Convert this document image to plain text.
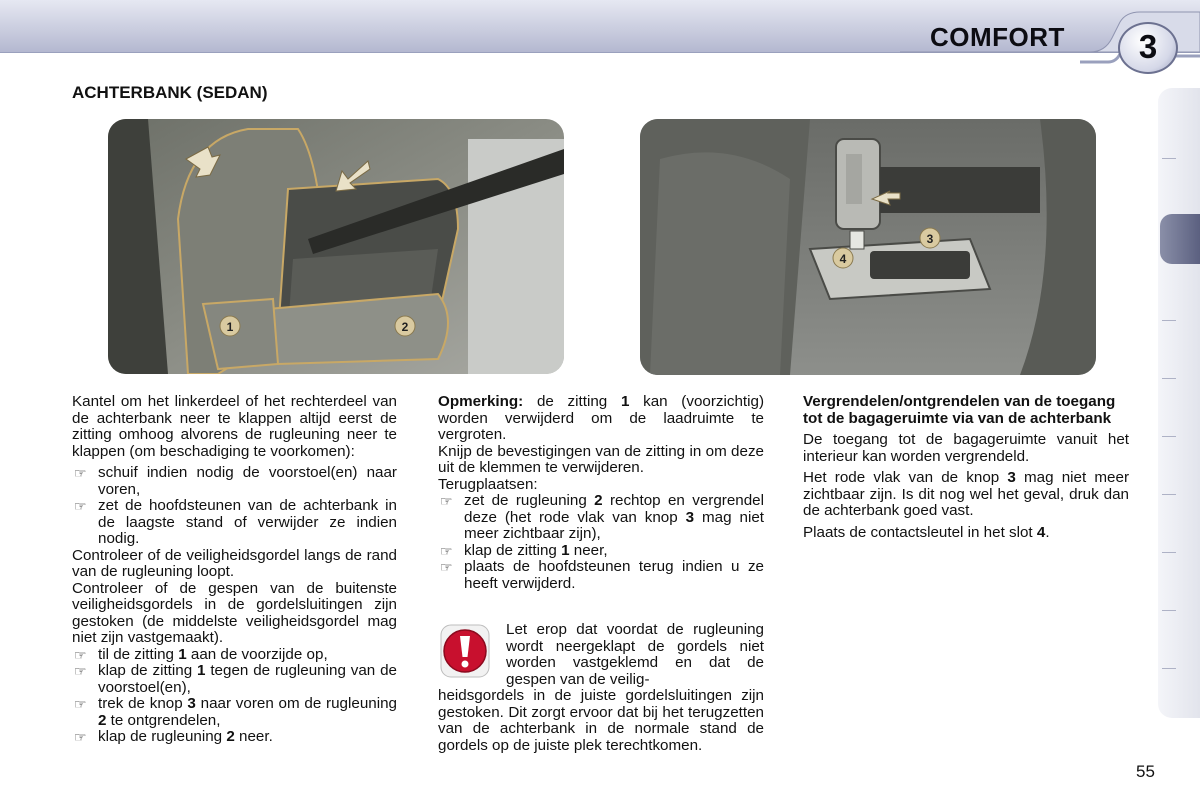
COMFORT	3
ACHTERBANK (SEDAN)
1	2
3
4

Kantel om het linkerdeel of het rechterdeel van de achterbank neer te klappen altijd eerst de zitting omhoog alvorens de rugleuning neer te klappen (om beschadiging te voorkomen):

☞ schuif indien nodig de voorstoel(en) naar voren,
☞ zet de hoofdsteunen van de achterbank in de laagste stand of verwijder ze indien nodig.

Controleer of de veiligheidsgordel langs de rand van de rugleuning loopt.

Controleer of de gespen van de buitenste veiligheidsgordels in de gordelsluitingen zijn gestoken (de middelste veiligheidsgordel mag niet zijn vastgemaakt).

☞ til de zitting 1 aan de voorzijde op,
☞ klap de zitting 1 tegen de rugleuning van de voorstoel(en),
☞ trek de knop 3 naar voren om de rugleuning 2 te ontgrendelen,
☞ klap de rugleuning 2 neer.

Opmerking: de zitting 1 kan (voorzichtig) worden verwijderd om de laadruimte te vergroten.

Knijp de bevestigingen van de zitting in om deze uit de klemmen te verwijderen.

Terugplaatsen:

☞ zet de rugleuning 2 rechtop en vergrendel deze (het rode vlak van knop 3 mag niet meer zichtbaar zijn),
☞ klap de zitting 1 neer,
☞ plaats de hoofdsteunen terug indien u ze heeft verwijderd.
Let erop dat voordat de rugleuning wordt neergeklapt de gordels niet worden vastgeklemd en dat de gespen van de veilig-
heidsgordels in de juiste gordelsluitingen zijn gestoken. Dit zorgt ervoor dat bij het terugzetten van de achterbank in de normale stand de gordels op de juiste plek terechtkomen.

Vergrendelen/ontgrendelen van de toegang tot de bagageruimte via van de achterbank

De toegang tot de bagageruimte vanuit het interieur kan worden vergrendeld.

Het rode vlak van de knop 3 mag niet meer zichtbaar zijn. Is dit nog wel het geval, druk dan de achterbank goed vast.

Plaats de contactsleutel in het slot 4.

55
